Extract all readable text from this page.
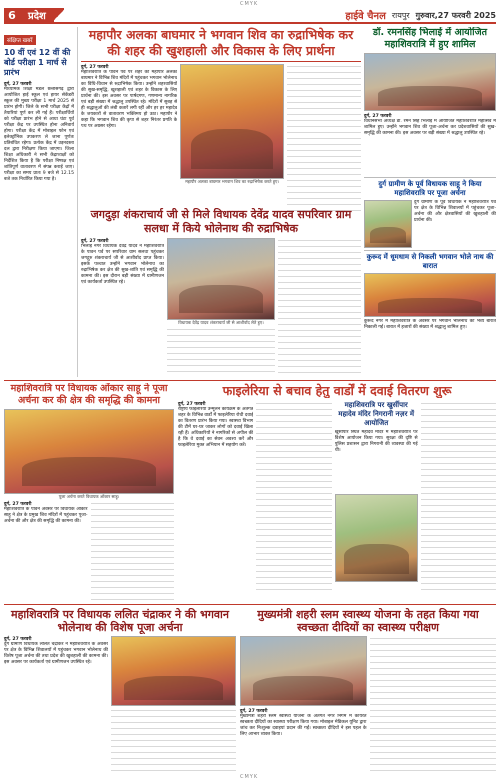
CMYK
6	प्रदेश	हाईवे चैनल रायपुर गुरुवार,27 फरवरी 2025
संक्षिप्त खबरें
10 वीं एवं 12 वीं की बोर्ड परीक्षा 1 मार्च से प्रारंभ
दुर्ग, 27 फरवरी
माध्यमिक शिक्षा मंडल छत्तीसगढ़ द्वारा आयोजित हाई स्कूल एवं हायर सेकेंडरी स्कूल की मुख्य परीक्षा 1 मार्च 2025 से प्रारंभ होगी। जिले के सभी परीक्षा केंद्रों में तैयारियां पूर्ण कर ली गई हैं। परीक्षार्थियों को परीक्षा प्रारंभ होने से आधा घंटा पूर्व परीक्षा केंद्र पर उपस्थित होना अनिवार्य होगा। परीक्षा केंद्र में मोबाइल फोन एवं इलेक्ट्रॉनिक उपकरण ले जाना पूर्णतः प्रतिबंधित रहेगा। प्रत्येक केंद्र में उड़नदस्ता दल द्वारा निरीक्षण किया जाएगा। जिला शिक्षा अधिकारी ने सभी केंद्राध्यक्षों को निर्देशित किया है कि परीक्षा निष्पक्ष एवं शांतिपूर्ण वातावरण में संपन्न कराई जाए। परीक्षा का समय प्रातः 9 बजे से 12.15 बजे तक निर्धारित किया गया है।
महापौर अलका बाघमार ने भगवान शिव का रुद्राभिषेक कर की शहर की खुशहाली और विकास के लिए प्रार्थना
दुर्ग, 27 फरवरी
महाशिवरात्रि के पावन पर्व पर शहर की महापौर अलका बाघमार ने विभिन्न शिव मंदिरों में पहुंचकर भगवान भोलेनाथ का विधि-विधान से रुद्राभिषेक किया। उन्होंने शहरवासियों की सुख-समृद्धि, खुशहाली एवं शहर के विकास के लिए प्रार्थना की। इस अवसर पर पार्षदगण, गणमान्य नागरिक एवं बड़ी संख्या में श्रद्धालु उपस्थित रहे। मंदिरों में सुबह से ही श्रद्धालुओं की लंबी कतारें लगी रहीं और हर हर महादेव के जयकारों से वातावरण भक्तिमय हो उठा। महापौर ने कहा कि भगवान शिव की कृपा से शहर निरंतर प्रगति के पथ पर अग्रसर रहेगा।
महापौर अलका बाघमार भगवान शिव का रुद्राभिषेक करते हुए।
डॉ. रमनसिंह भिलाई में आयोजित महाशिवरात्रि में हुए शामिल
दुर्ग, 27 फरवरी
विधानसभा अध्यक्ष डॉ. रमन सिंह भिलाई में आयोजित महाशिवरात्रि महोत्सव में शामिल हुए। उन्होंने भगवान शिव की पूजा-अर्चना कर प्रदेशवासियों की सुख-समृद्धि की कामना की। इस अवसर पर बड़ी संख्या में श्रद्धालु उपस्थित रहे।
दुर्ग ग्रामीण के पूर्व विधायक साहू ने किया महाशिवरात्रि पर पूजा अर्चना
दुर्ग ग्रामीण के पूर्व विधायक ने महाशिवरात्रि पर्व पर क्षेत्र के विभिन्न शिवालयों में पहुंचकर पूजा-अर्चना की और क्षेत्रवासियों की खुशहाली की प्रार्थना की।
कुरूद में धूमधाम से निकली भगवान भोले नाथ की बारात
कुरूद नगर में महाशिवरात्रि के अवसर पर भगवान भोलेनाथ की भव्य बारात निकाली गई। बारात में हजारों की संख्या में श्रद्धालु शामिल हुए।
जगदुड़ा शंकराचार्य जी से मिले विधायक देवेंद्र यादव सपरिवार ग्राम सलधा में किये भोलेनाथ की रुद्राभिषेक
दुर्ग, 27 फरवरी
भिलाई नगर विधायक देवेंद्र यादव ने महाशिवरात्रि के पावन पर्व पर सपरिवार ग्राम सलधा पहुंचकर जगद्गुरु शंकराचार्य जी से आशीर्वाद प्राप्त किया। इसके पश्चात उन्होंने भगवान भोलेनाथ का रुद्राभिषेक कर क्षेत्र की सुख-शांति एवं समृद्धि की कामना की। इस दौरान बड़ी संख्या में ग्रामीणजन एवं कार्यकर्ता उपस्थित रहे।
विधायक देवेंद्र यादव शंकराचार्य जी से आशीर्वाद लेते हुए।
महाशिवरात्रि पर विधायक ओंकार साहू ने पूजा अर्चना कर की क्षेत्र की समृद्धि की कामना
पूजा अर्चना करते विधायक ओंकार साहू।
दुर्ग, 27 फरवरी
महाशिवरात्रि के पावन अवसर पर विधायक ओंकार साहू ने क्षेत्र के प्रमुख शिव मंदिरों में पहुंचकर पूजा-अर्चना की और क्षेत्र की समृद्धि की कामना की।
फाइलेरिया से बचाव हेतु वार्डों में दवाई वितरण शुरू
दुर्ग, 27 फरवरी
राष्ट्रीय फाइलेरिया उन्मूलन कार्यक्रम के अंतर्गत शहर के विभिन्न वार्डों में फाइलेरिया रोधी दवाई का वितरण प्रारंभ किया गया। स्वास्थ्य विभाग की टीमें घर-घर जाकर लोगों को दवाई खिला रही हैं। अधिकारियों ने नागरिकों से अपील की है कि वे दवाई का सेवन अवश्य करें और फाइलेरिया मुक्त अभियान में सहयोग करें।
महाशिवरात्रि पर खुर्सीपार महादेव मंदिर निगरानी नज़र में आयोजित
खुर्सीपार स्थित महादेव मंदिर में महाशिवरात्रि पर विशेष आयोजन किया गया। सुरक्षा की दृष्टि से पुलिस प्रशासन द्वारा निगरानी की व्यवस्था की गई थी।
महाशिवरात्रि पर विधायक ललित चंद्राकर ने की भगवान भोलेनाथ की विशेष पूजा अर्चना
दुर्ग, 27 फरवरी
दुर्ग ग्रामीण विधायक ललित चंद्राकर ने महाशिवरात्रि के अवसर पर क्षेत्र के विभिन्न शिवालयों में पहुंचकर भगवान भोलेनाथ की विशेष पूजा अर्चना की तथा प्रदेश की खुशहाली की कामना की। इस अवसर पर कार्यकर्ता एवं ग्रामीणजन उपस्थित रहे।
मुख्यमंत्री शहरी स्लम स्वास्थ्य योजना के तहत किया गया स्वच्छता दीदियों का स्वास्थ्य परीक्षण
दुर्ग, 27 फरवरी
मुख्यमंत्री शहरी स्लम स्वास्थ्य योजना के अंतर्गत नगर निगम में कार्यरत स्वच्छता दीदियों का स्वास्थ्य परीक्षण किया गया। मोबाइल मेडिकल यूनिट द्वारा जांच कर निःशुल्क दवाइयां प्रदान की गईं। स्वच्छता दीदियों ने इस पहल के लिए आभार व्यक्त किया।
CMYK
